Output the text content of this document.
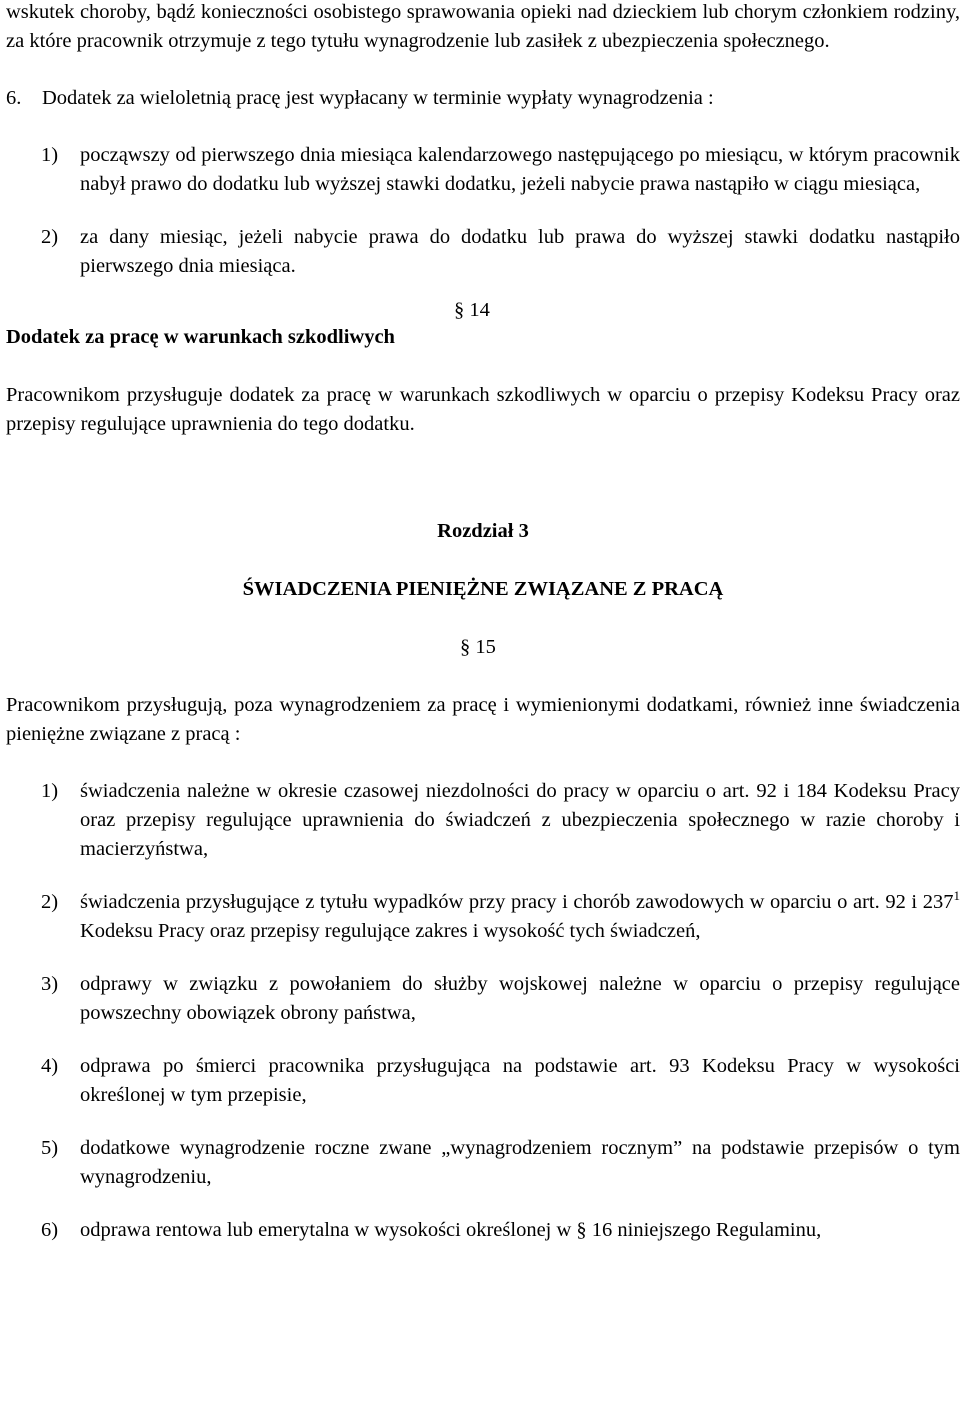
wskutek choroby, bądź konieczności osobistego sprawowania opieki nad dzieckiem lub chorym członkiem rodziny, za które pracownik otrzymuje z tego tytułu wynagrodzenie lub zasiłek z ubezpieczenia społecznego.

6.	Dodatek za wieloletnią pracę jest wypłacany w terminie wypłaty wynagrodzenia :
1)	począwszy od pierwszego dnia miesiąca kalendarzowego następującego po miesiącu, w którym pracownik nabył prawo do dodatku lub wyższej stawki dodatku, jeżeli nabycie prawa nastąpiło w ciągu miesiąca,
2)	za dany miesiąc, jeżeli nabycie prawa do dodatku lub prawa do wyższej stawki dodatku nastąpiło pierwszego dnia miesiąca.
§ 14

Dodatek za pracę w warunkach szkodliwych

Pracownikom przysługuje dodatek za pracę w warunkach szkodliwych w oparciu o przepisy Kodeksu Pracy oraz przepisy regulujące uprawnienia do tego dodatku.

Rozdział 3

ŚWIADCZENIA PIENIĘŻNE ZWIĄZANE Z PRACĄ

§ 15

Pracownikom przysługują, poza wynagrodzeniem za pracę i wymienionymi dodatkami, również inne świadczenia pieniężne związane z pracą :

1)	świadczenia należne w okresie czasowej niezdolności do pracy w oparciu o art. 92 i 184 Kodeksu Pracy oraz przepisy regulujące uprawnienia do świadczeń z ubezpieczenia społecznego w razie choroby i macierzyństwa,
2)	świadczenia przysługujące z tytułu wypadków przy pracy i chorób zawodowych w oparciu o art. 92 i $237^1$ Kodeksu Pracy oraz przepisy regulujące zakres i wysokość tych świadczeń,
3)	odprawy w związku z powołaniem do służby wojskowej należne w oparciu o przepisy regulujące powszechny obowiązek obrony państwa,
4)	odprawa po śmierci pracownika przysługująca na podstawie art. 93 Kodeksu Pracy w wysokości określonej w tym przepisie,
5)	dodatkowe wynagrodzenie roczne zwane „wynagrodzeniem rocznym” na podstawie przepisów o tym wynagrodzeniu,
6)	odprawa rentowa lub emerytalna w wysokości określonej w § 16 niniejszego Regulaminu,
